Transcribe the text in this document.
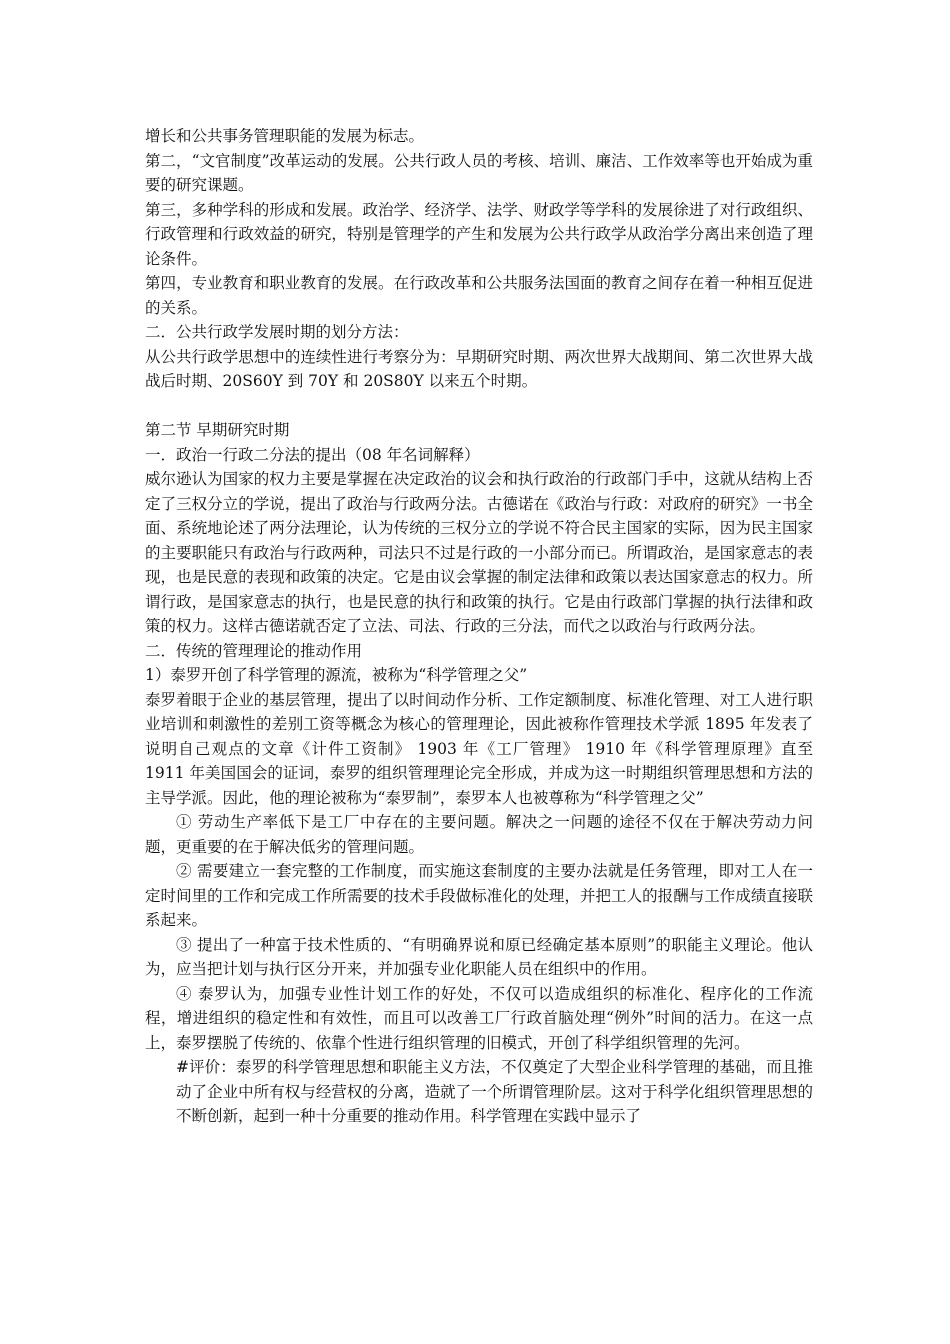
增长和公共事务管理职能的发展为标志。

第二，“文官制度”改革运动的发展。公共行政人员的考核、培训、廉洁、工作效率等也开始成为重要的研究课题。

第三，多种学科的形成和发展。政治学、经济学、法学、财政学等学科的发展徐进了对行政组织、行政管理和行政效益的研究，特别是管理学的产生和发展为公共行政学从政治学分离出来创造了理论条件。

第四，专业教育和职业教育的发展。在行政改革和公共服务法国面的教育之间存在着一种相互促进的关系。

二．公共行政学发展时期的划分方法：

从公共行政学思想中的连续性进行考察分为：早期研究时期、两次世界大战期间、第二次世界大战战后时期、20S60Y 到 70Y 和 20S80Y 以来五个时期。

第二节 早期研究时期

一．政治一行政二分法的提出（08 年名词解释）

威尔逊认为国家的权力主要是掌握在决定政治的议会和执行政治的行政部门手中，这就从结构上否定了三权分立的学说，提出了政治与行政两分法。古德诺在《政治与行政：对政府的研究》一书全面、系统地论述了两分法理论，认为传统的三权分立的学说不符合民主国家的实际，因为民主国家的主要职能只有政治与行政两种，司法只不过是行政的一小部分而已。所谓政治，是国家意志的表现，也是民意的表现和政策的决定。它是由议会掌握的制定法律和政策以表达国家意志的权力。所谓行政，是国家意志的执行，也是民意的执行和政策的执行。它是由行政部门掌握的执行法律和政策的权力。这样古德诺就否定了立法、司法、行政的三分法，而代之以政治与行政两分法。

二．传统的管理理论的推动作用

1）泰罗开创了科学管理的源流，被称为“科学管理之父”

泰罗着眼于企业的基层管理，提出了以时间动作分析、工作定额制度、标准化管理、对工人进行职业培训和刺激性的差别工资等概念为核心的管理理论，因此被称作管理技术学派 1895 年发表了说明自己观点的文章《计件工资制》 1903 年《工厂管理》 1910 年《科学管理原理》直至 1911 年美国国会的证词，泰罗的组织管理理论完全形成，并成为这一时期组织管理思想和方法的主导学派。因此，他的理论被称为“泰罗制”，泰罗本人也被尊称为“科学管理之父”

① 劳动生产率低下是工厂中存在的主要问题。解决之一问题的途径不仅在于解决劳动力问题，更重要的在于解决低劣的管理问题。

② 需要建立一套完整的工作制度，而实施这套制度的主要办法就是任务管理，即对工人在一定时间里的工作和完成工作所需要的技术手段做标准化的处理，并把工人的报酬与工作成绩直接联系起来。

③ 提出了一种富于技术性质的、“有明确界说和原已经确定基本原则”的职能主义理论。他认为，应当把计划与执行区分开来，并加强专业化职能人员在组织中的作用。

④ 泰罗认为，加强专业性计划工作的好处，不仅可以造成组织的标准化、程序化的工作流程，增进组织的稳定性和有效性，而且可以改善工厂行政首脑处理“例外”时间的活力。在这一点上，泰罗摆脱了传统的、依靠个性进行组织管理的旧模式，开创了科学组织管理的先河。

#评价：泰罗的科学管理思想和职能主义方法，不仅奠定了大型企业科学管理的基础，而且推动了企业中所有权与经营权的分离，造就了一个所谓管理阶层。这对于科学化组织管理思想的不断创新，起到一种十分重要的推动作用。科学管理在实践中显示了
